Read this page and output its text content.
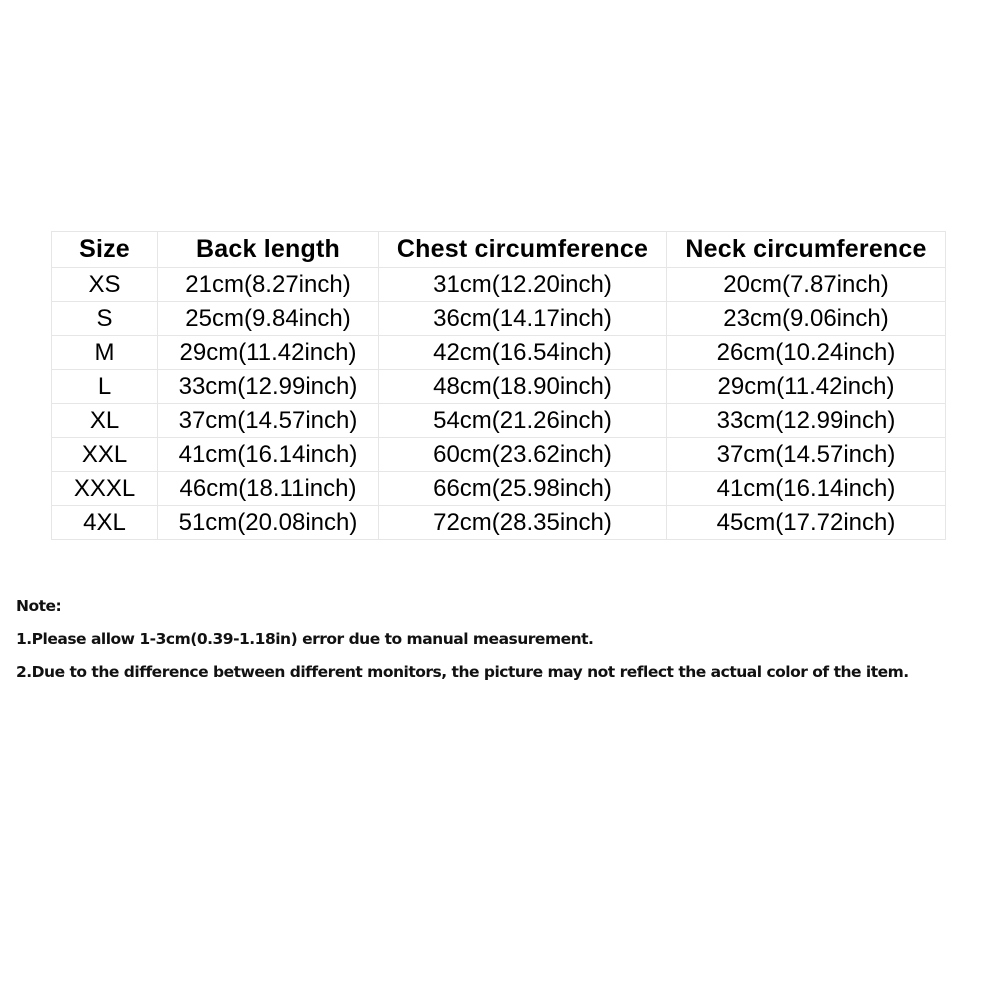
Size	Back length	Chest circumference	Neck circumference
XS	21cm(8.27inch)	31cm(12.20inch)	20cm(7.87inch)
S	25cm(9.84inch)	36cm(14.17inch)	23cm(9.06inch)
M	29cm(11.42inch)	42cm(16.54inch)	26cm(10.24inch)
L	33cm(12.99inch)	48cm(18.90inch)	29cm(11.42inch)
XL	37cm(14.57inch)	54cm(21.26inch)	33cm(12.99inch)
XXL	41cm(16.14inch)	60cm(23.62inch)	37cm(14.57inch)
XXXL	46cm(18.11inch)	66cm(25.98inch)	41cm(16.14inch)
4XL	51cm(20.08inch)	72cm(28.35inch)	45cm(17.72inch)
Note:
1.Please allow 1-3cm(0.39-1.18in) error due to manual measurement.
2.Due to the difference between different monitors, the picture may not reflect the actual color of the item.
